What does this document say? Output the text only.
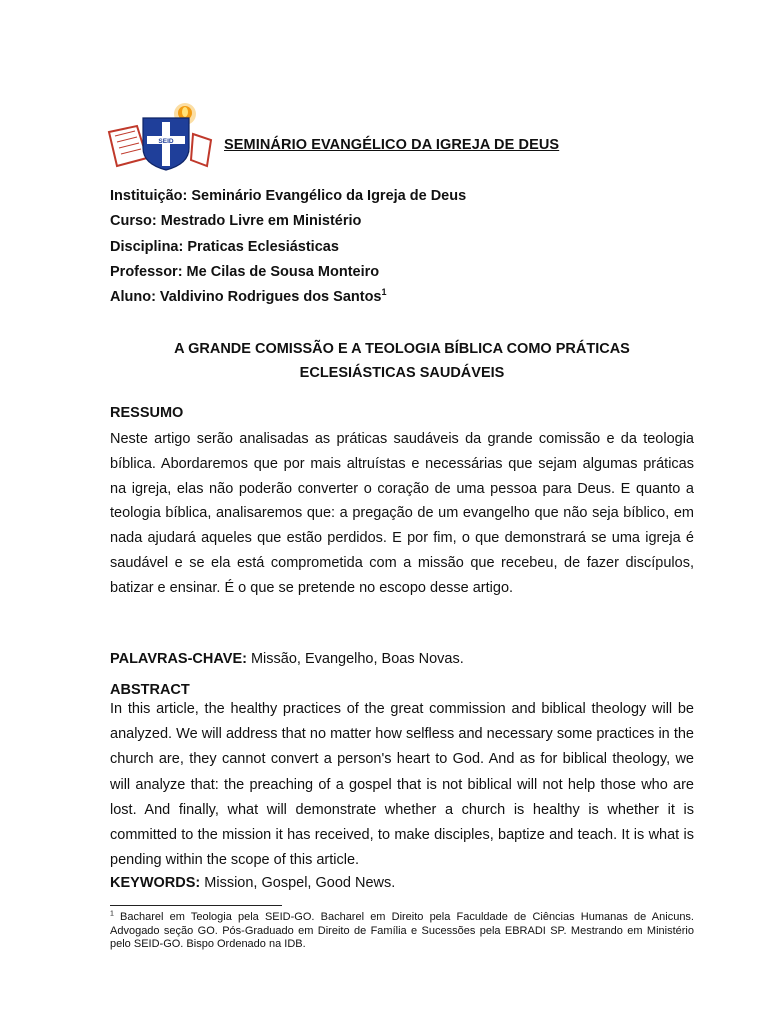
SEID	SEMINÁRIO EVANGÉLICO DA IGREJA DE DEUS
Instituição: Seminário Evangélico da Igreja de Deus
Curso: Mestrado Livre em Ministério
Disciplina: Praticas Eclesiásticas
Professor: Me Cilas de Sousa Monteiro
Aluno: Valdivino Rodrigues dos Santos$^1$
A GRANDE COMISSÃO E A TEOLOGIA BÍBLICA COMO PRÁTICAS
ECLESIÁSTICAS SAUDÁVEIS
RESSUMO

Neste artigo serão analisadas as práticas saudáveis da grande comissão e da teologia bíblica. Abordaremos que por mais altruístas e necessárias que sejam algumas práticas na igreja, elas não poderão converter o coração de uma pessoa para Deus. E quanto a teologia bíblica, analisaremos que: a pregação de um evangelho que não seja bíblico, em nada ajudará aqueles que estão perdidos. E por fim, o que demonstrará se uma igreja é saudável e se ela está comprometida com a missão que recebeu, de fazer discípulos, batizar e ensinar. É o que se pretende no escopo desse artigo.

PALAVRAS-CHAVE: Missão, Evangelho, Boas Novas.
ABSTRACT

In this article, the healthy practices of the great commission and biblical theology will be analyzed. We will address that no matter how selfless and necessary some practices in the church are, they cannot convert a person's heart to God. And as for biblical theology, we will analyze that: the preaching of a gospel that is not biblical will not help those who are lost. And finally, what will demonstrate whether a church is healthy is whether it is committed to the mission it has received, to make disciples, baptize and teach. It is what is pending within the scope of this article.

KEYWORDS: Mission, Gospel, Good News.

$^1$ Bacharel em Teologia pela SEID-GO. Bacharel em Direito pela Faculdade de Ciências Humanas de Anicuns. Advogado seção GO. Pós-Graduado em Direito de Família e Sucessões pela EBRADI SP. Mestrando em Ministério pelo SEID-GO. Bispo Ordenado na IDB.
